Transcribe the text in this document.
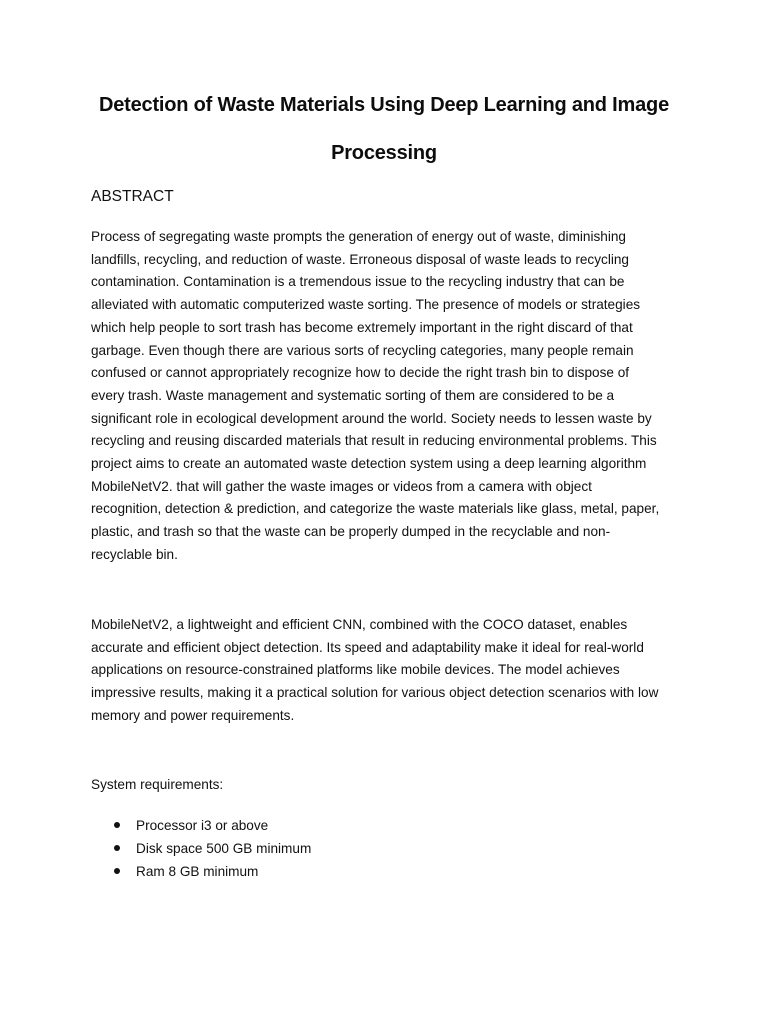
Detection of Waste Materials Using Deep Learning and Image
Processing
ABSTRACT
Process of segregating waste prompts the generation of energy out of waste, diminishing
landfills, recycling, and reduction of waste. Erroneous disposal of waste leads to recycling
contamination. Contamination is a tremendous issue to the recycling industry that can be
alleviated with automatic computerized waste sorting. The presence of models or strategies
which help people to sort trash has become extremely important in the right discard of that
garbage. Even though there are various sorts of recycling categories, many people remain
confused or cannot appropriately recognize how to decide the right trash bin to dispose of
every trash. Waste management and systematic sorting of them are considered to be a
significant role in ecological development around the world. Society needs to lessen waste by
recycling and reusing discarded materials that result in reducing environmental problems. This
project aims to create an automated waste detection system using a deep learning algorithm
MobileNetV2. that will gather the waste images or videos from a camera with object
recognition, detection & prediction, and categorize the waste materials like glass, metal, paper,
plastic, and trash so that the waste can be properly dumped in the recyclable and non-
recyclable bin.
MobileNetV2, a lightweight and efficient CNN, combined with the COCO dataset, enables
accurate and efficient object detection. Its speed and adaptability make it ideal for real-world
applications on resource-constrained platforms like mobile devices. The model achieves
impressive results, making it a practical solution for various object detection scenarios with low
memory and power requirements.
System requirements:
Processor i3 or above
Disk space 500 GB minimum
Ram 8 GB minimum
